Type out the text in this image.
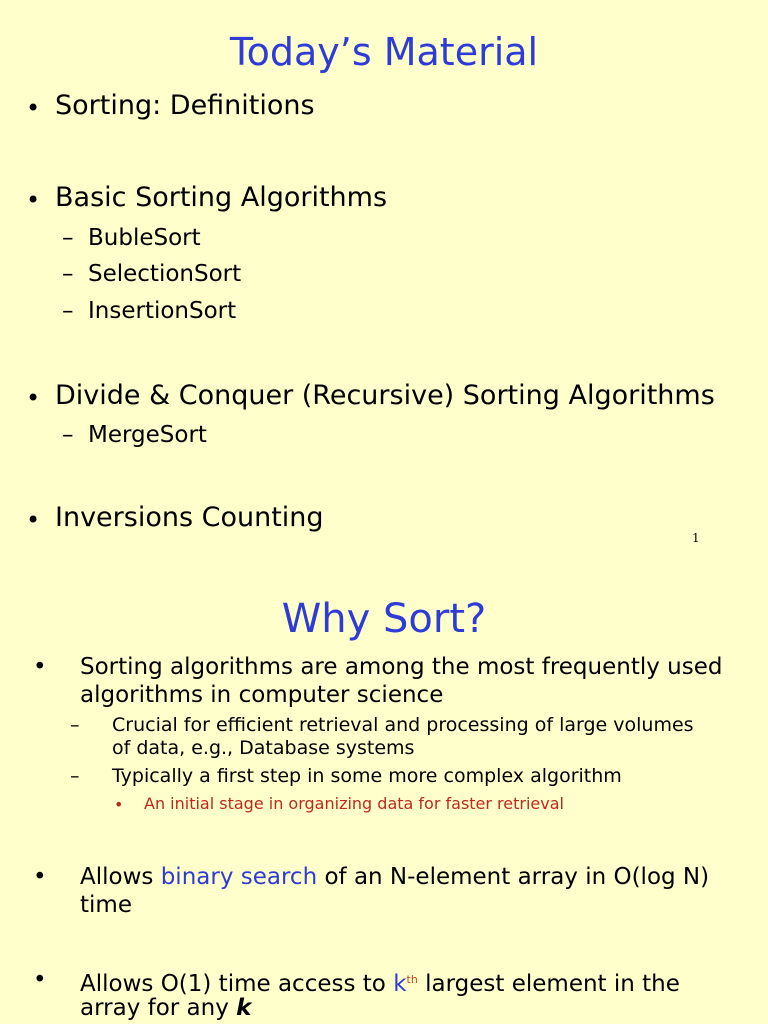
Today’s Material
• Sorting: Definitions
• Basic Sorting Algorithms
– BubleSort
– SelectionSort
– InsertionSort
• Divide & Conquer (Recursive) Sorting Algorithms
– MergeSort
• Inversions Counting
1
Why Sort?
• Sorting algorithms are among the most frequently used
algorithms in computer science
– Crucial for efficient retrieval and processing of large volumes
of data, e.g., Database systems
– Typically a first step in some more complex algorithm
• An initial stage in organizing data for faster retrieval
• Allows binary search of an N-element array in O(log N)
time
• Allows O(1) time access to $k^{th}$ largest element in the
array for any k
